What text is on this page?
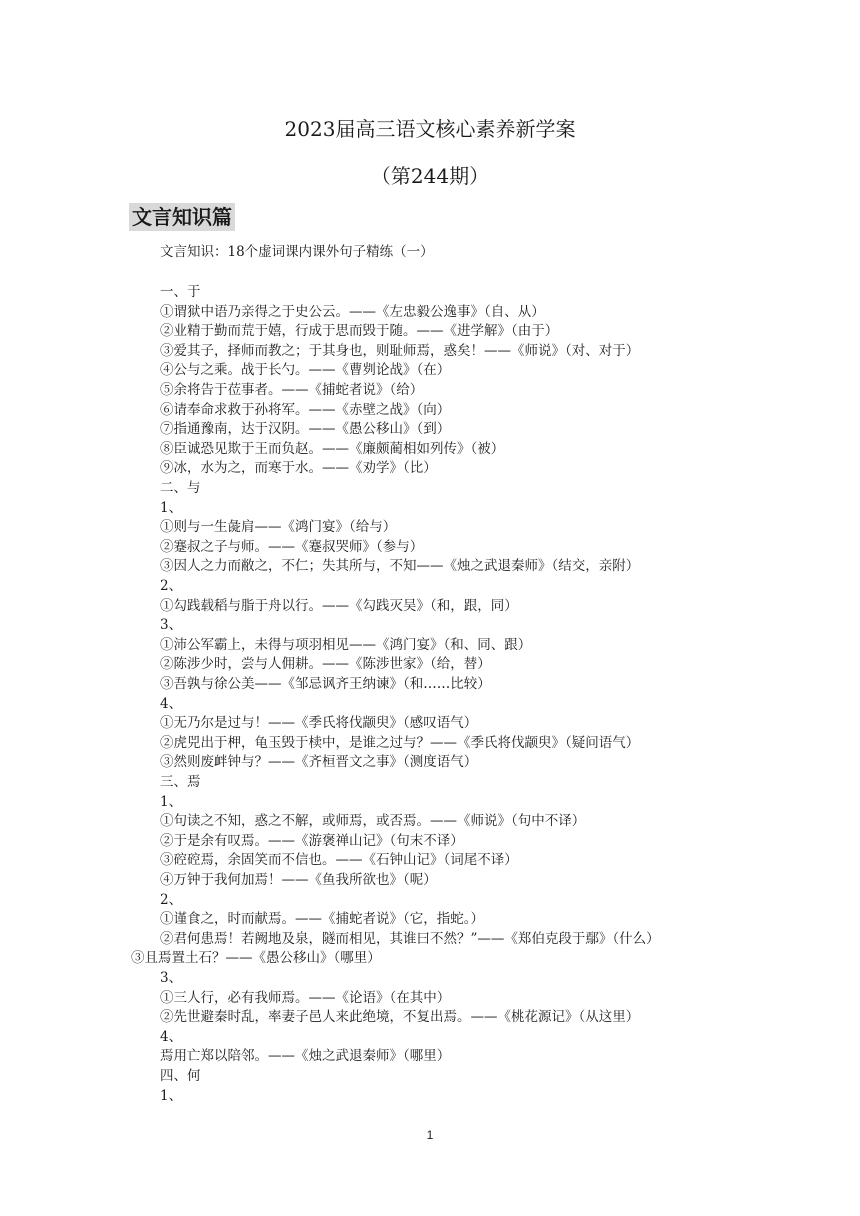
2023届高三语文核心素养新学案
（第244期）
文言知识篇
文言知识：18个虚词课内课外句子精练（一）
一、于
①谓狱中语乃亲得之于史公云。——《左忠毅公逸事》（自、从）
②业精于勤而荒于嬉，行成于思而毁于随。——《进学解》（由于）
③爱其子，择师而教之；于其身也，则耻师焉，惑矣！——《师说》（对、对于）
④公与之乘。战于长勺。——《曹刿论战》（在）
⑤余将告于莅事者。——《捕蛇者说》（给）
⑥请奉命求救于孙将军。——《赤壁之战》（向）
⑦指通豫南，达于汉阴。——《愚公移山》（到）
⑧臣诚恐见欺于王而负赵。——《廉颇蔺相如列传》（被）
⑨冰，水为之，而寒于水。——《劝学》（比）
二、与
1、
①则与一生彘肩——《鸿门宴》（给与）
②蹇叔之子与师。——《蹇叔哭师》（参与）
③因人之力而敝之，不仁；失其所与，不知——《烛之武退秦师》（结交，亲附）
2、
①勾践载稻与脂于舟以行。——《勾践灭吴》（和，跟，同）
3、
①沛公军霸上，未得与项羽相见——《鸿门宴》（和、同、跟）
②陈涉少时，尝与人佣耕。——《陈涉世家》（给，替）
③吾孰与徐公美——《邹忌讽齐王纳谏》（和……比较）
4、
①无乃尔是过与！——《季氏将伐颛臾》（感叹语气）
②虎兕出于柙，龟玉毁于椟中，是谁之过与？——《季氏将伐颛臾》（疑问语气）
③然则废衅钟与？——《齐桓晋文之事》（测度语气）
三、焉
1、
①句读之不知，惑之不解，或师焉，或否焉。——《师说》（句中不译）
②于是余有叹焉。——《游褒禅山记》（句末不译）
③硿硿焉，余固笑而不信也。——《石钟山记》（词尾不译）
④万钟于我何加焉！——《鱼我所欲也》（呢）
2、
①谨食之，时而献焉。——《捕蛇者说》（它，指蛇。）
②君何患焉！若阙地及泉，隧而相见，其谁曰不然？”——《郑伯克段于鄢》（什么）
③且焉置土石？——《愚公移山》（哪里）
3、
①三人行，必有我师焉。——《论语》（在其中）
②先世避秦时乱，率妻子邑人来此绝境，不复出焉。——《桃花源记》（从这里）
4、
焉用亡郑以陪邻。——《烛之武退秦师》（哪里）
四、何
1、
1
